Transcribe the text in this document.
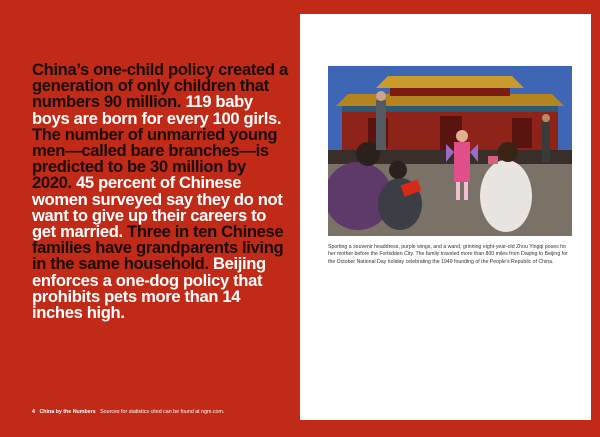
China’s one-child policy created a generation of only children that numbers 90 million. 119 baby boys are born for every 100 girls. The number of unmarried young men—called bare branches—is predicted to be 30 million by 2020. 45 percent of Chinese women surveyed say they do not want to give up their careers to get married. Three in ten Chinese families have grandparents living in the same household. Beijing enforces a one-dog policy that prohibits pets more than 14 inches high.

4 China by the Numbers Sources for statistics cited can be found at ngm.com.
Sporting a souvenir headdress, purple wings, and a wand, grinning eight-year-old Zhou Yingqi poses for her mother before the Forbidden City. The family traveled more than 800 miles from Daqing to Beijing for the October National Day holiday celebrating the 1949 founding of the People’s Republic of China.
